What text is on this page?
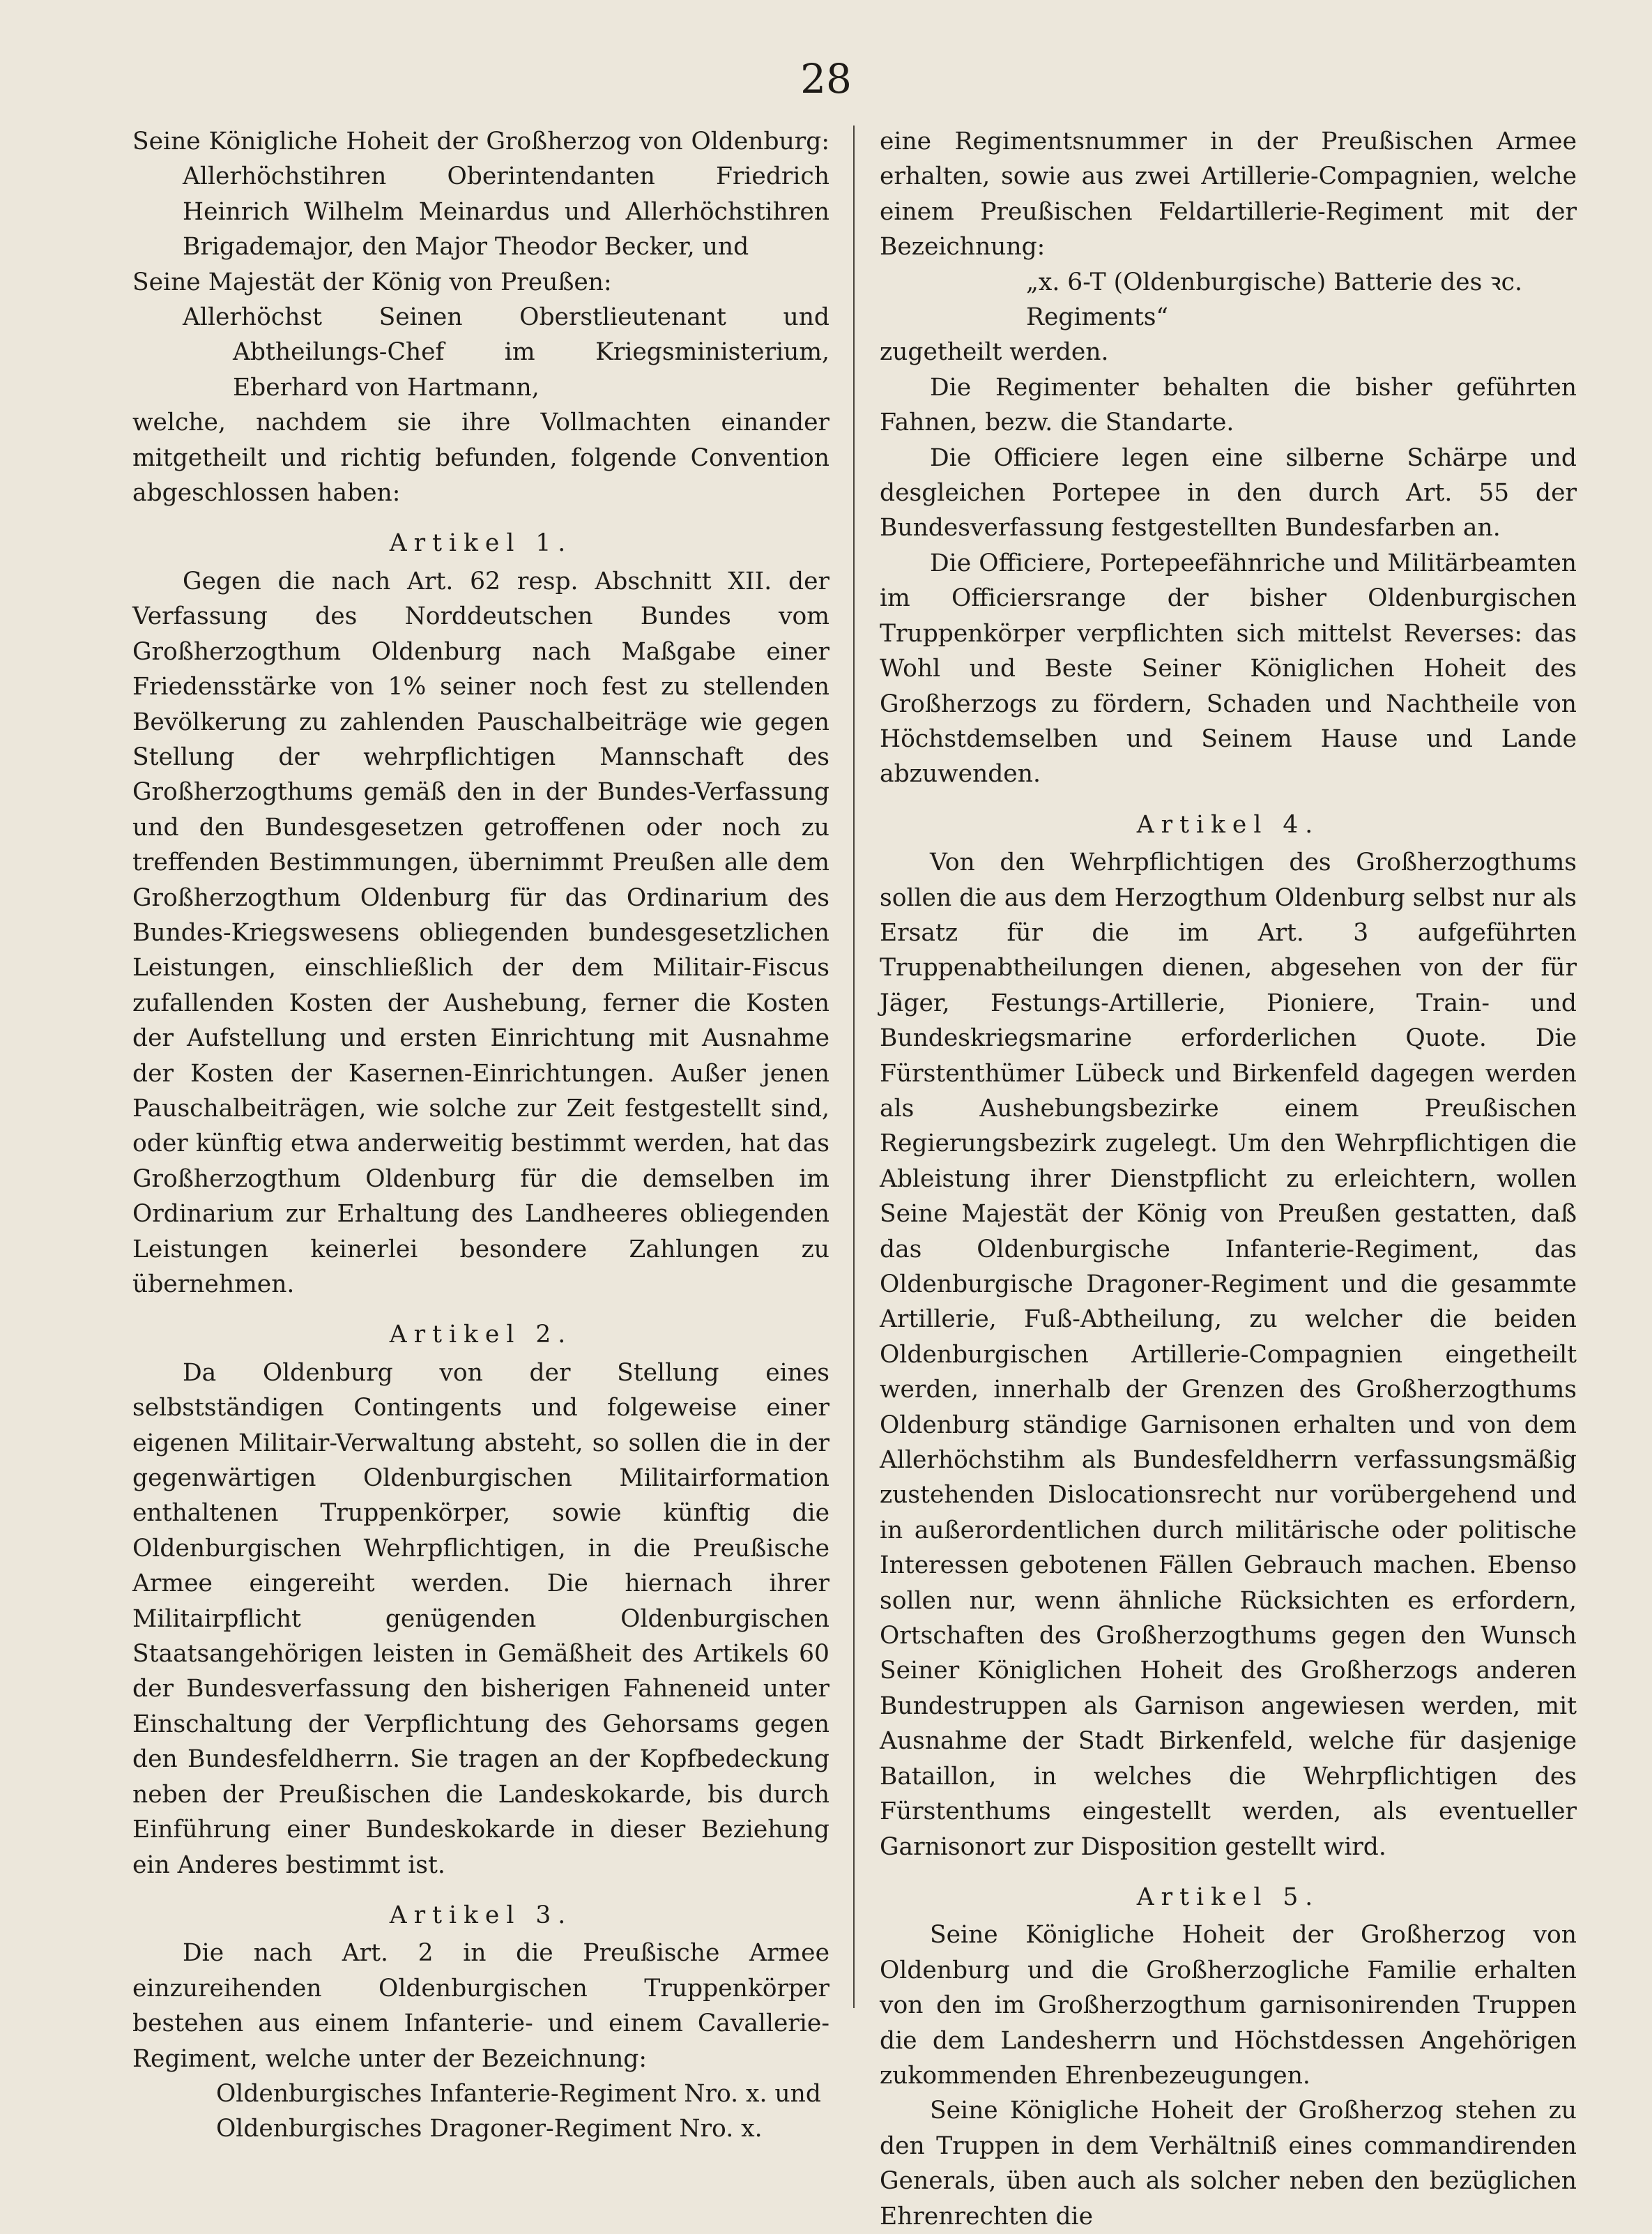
28

Seine Königliche Hoheit der Großherzog von Oldenburg: Allerhöchstihren Oberintendanten Friedrich Heinrich Wilhelm Meinardus und Allerhöchstihren Brigademajor, den Major Theodor Becker, und

Seine Majestät der König von Preußen:

Allerhöchst Seinen Oberstlieutenant und Abtheilungs-Chef im Kriegsministerium, Eberhard von Hartmann,

welche, nachdem sie ihre Vollmachten einander mitgetheilt und richtig befunden, folgende Convention abgeschlossen haben:

Artikel 1.

Gegen die nach Art. 62 resp. Abschnitt XII. der Verfassung des Norddeutschen Bundes vom Großherzogthum Oldenburg nach Maßgabe einer Friedensstärke von 1% seiner noch fest zu stellenden Bevölkerung zu zahlenden Pauschalbeiträge wie gegen Stellung der wehrpflichtigen Mannschaft des Großherzogthums gemäß den in der Bundes-Verfassung und den Bundesgesetzen getroffenen oder noch zu treffenden Bestimmungen, übernimmt Preußen alle dem Großherzogthum Oldenburg für das Ordinarium des Bundes-Kriegswesens obliegenden bundesgesetzlichen Leistungen, einschließlich der dem Militair-Fiscus zufallenden Kosten der Aushebung, ferner die Kosten der Aufstellung und ersten Einrichtung mit Ausnahme der Kosten der Kasernen-Einrichtungen. Außer jenen Pauschalbeiträgen, wie solche zur Zeit festgestellt sind, oder künftig etwa anderweitig bestimmt werden, hat das Großherzogthum Oldenburg für die demselben im Ordinarium zur Erhaltung des Landheeres obliegenden Leistungen keinerlei besondere Zahlungen zu übernehmen.

Artikel 2.

Da Oldenburg von der Stellung eines selbstständigen Contingents und folgeweise einer eigenen Militair-Verwaltung absteht, so sollen die in der gegenwärtigen Oldenburgischen Militairformation enthaltenen Truppenkörper, sowie künftig die Oldenburgischen Wehrpflichtigen, in die Preußische Armee eingereiht werden. Die hiernach ihrer Militairpflicht genügenden Oldenburgischen Staatsangehörigen leisten in Gemäßheit des Artikels 60 der Bundesverfassung den bisherigen Fahneneid unter Einschaltung der Verpflichtung des Gehorsams gegen den Bundesfeldherrn. Sie tragen an der Kopfbedeckung neben der Preußischen die Landeskokarde, bis durch Einführung einer Bundeskokarde in dieser Beziehung ein Anderes bestimmt ist.

Artikel 3.

Die nach Art. 2 in die Preußische Armee einzureihenden Oldenburgischen Truppenkörper bestehen aus einem Infanterie- und einem Cavallerie-Regiment, welche unter der Bezeichnung:

Oldenburgisches Infanterie-Regiment Nro. x. und

Oldenburgisches Dragoner-Regiment Nro. x.

eine Regimentsnummer in der Preußischen Armee erhalten, sowie aus zwei Artillerie-Compagnien, welche einem Preußischen Feldartillerie-Regiment mit der Bezeichnung:

„x. 6-T (Oldenburgische) Batterie des ꝛc. Regiments“

zugetheilt werden.

Die Regimenter behalten die bisher geführten Fahnen, bezw. die Standarte.

Die Officiere legen eine silberne Schärpe und desgleichen Portepee in den durch Art. 55 der Bundesverfassung festgestellten Bundesfarben an.

Die Officiere, Portepeefähnriche und Militärbeamten im Officiersrange der bisher Oldenburgischen Truppenkörper verpflichten sich mittelst Reverses: das Wohl und Beste Seiner Königlichen Hoheit des Großherzogs zu fördern, Schaden und Nachtheile von Höchstdemselben und Seinem Hause und Lande abzuwenden.

Artikel 4.

Von den Wehrpflichtigen des Großherzogthums sollen die aus dem Herzogthum Oldenburg selbst nur als Ersatz für die im Art. 3 aufgeführten Truppenabtheilungen dienen, abgesehen von der für Jäger, Festungs-Artillerie, Pioniere, Train- und Bundeskriegsmarine erforderlichen Quote. Die Fürstenthümer Lübeck und Birkenfeld dagegen werden als Aushebungsbezirke einem Preußischen Regierungsbezirk zugelegt. Um den Wehrpflichtigen die Ableistung ihrer Dienstpflicht zu erleichtern, wollen Seine Majestät der König von Preußen gestatten, daß das Oldenburgische Infanterie-Regiment, das Oldenburgische Dragoner-Regiment und die gesammte Artillerie, Fuß-Abtheilung, zu welcher die beiden Oldenburgischen Artillerie-Compagnien eingetheilt werden, innerhalb der Grenzen des Großherzogthums Oldenburg ständige Garnisonen erhalten und von dem Allerhöchstihm als Bundesfeldherrn verfassungsmäßig zustehenden Dislocationsrecht nur vorübergehend und in außerordentlichen durch militärische oder politische Interessen gebotenen Fällen Gebrauch machen. Ebenso sollen nur, wenn ähnliche Rücksichten es erfordern, Ortschaften des Großherzogthums gegen den Wunsch Seiner Königlichen Hoheit des Großherzogs anderen Bundestruppen als Garnison angewiesen werden, mit Ausnahme der Stadt Birkenfeld, welche für dasjenige Bataillon, in welches die Wehrpflichtigen des Fürstenthums eingestellt werden, als eventueller Garnisonort zur Disposition gestellt wird.

Artikel 5.

Seine Königliche Hoheit der Großherzog von Oldenburg und die Großherzogliche Familie erhalten von den im Großherzogthum garnisonirenden Truppen die dem Landesherrn und Höchstdessen Angehörigen zukommenden Ehrenbezeugungen.

Seine Königliche Hoheit der Großherzog stehen zu den Truppen in dem Verhältniß eines commandirenden Generals, üben auch als solcher neben den bezüglichen Ehrenrechten die
